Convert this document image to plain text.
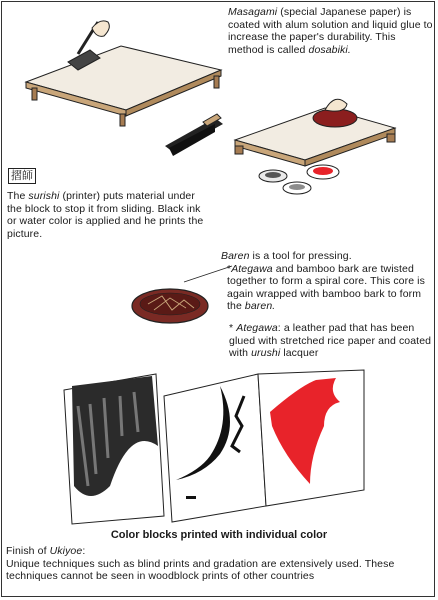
Masagami (special Japanese paper) is coated with alum solution and liquid glue to increase the paper's durability. This method is called dosabiki.
摺師
The surishi (printer) puts material under the block to stop it from sliding. Black ink or water color is applied and he prints the picture.
Baren is a tool for pressing.
*Ategawa and bamboo bark are twisted together to form a spiral core. This core is again wrapped with bamboo bark to form the baren.
* Ategawa: a leather pad that has been glued with stretched rice paper and coated with urushi lacquer
Color blocks printed with individual color
Finish of Ukiyoe:
Unique techniques such as blind prints and gradation are extensively used. These techniques cannot be seen in woodblock prints of other countries
